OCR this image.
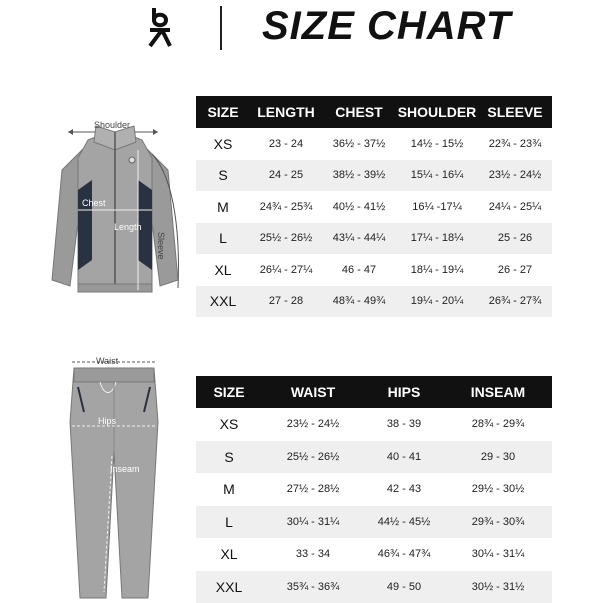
SIZE CHART
Shoulder
Chest
Length
Sleeve
Waist
Hips
Inseam
SIZE	LENGTH	CHEST	SHOULDER	SLEEVE
XS	23 - 24	36½ - 37½	14½ - 15½	22¾ - 23¾
S	24 - 25	38½ - 39½	15¼ - 16¼	23½ - 24½
M	24¾ - 25¾	40½ - 41½	16¼ -17¼	24¼ - 25¼
L	25½ - 26½	43¼ - 44¼	17¼ - 18¼	25 - 26
XL	26¼ - 27¼	46 - 47	18¼ - 19¼	26 - 27
XXL	27 - 28	48¾ - 49¾	19¼ - 20¼	26¾ - 27¾
SIZE	WAIST	HIPS	INSEAM
XS	23½ - 24½	38 - 39	28¾ - 29¾
S	25½ - 26½	40 - 41	29 - 30
M	27½ - 28½	42 - 43	29½ - 30½
L	30¼ - 31¼	44½ - 45½	29¾ - 30¾
XL	33 - 34	46¾ - 47¾	30¼ - 31¼
XXL	35¾ - 36¾	49 - 50	30½ - 31½
